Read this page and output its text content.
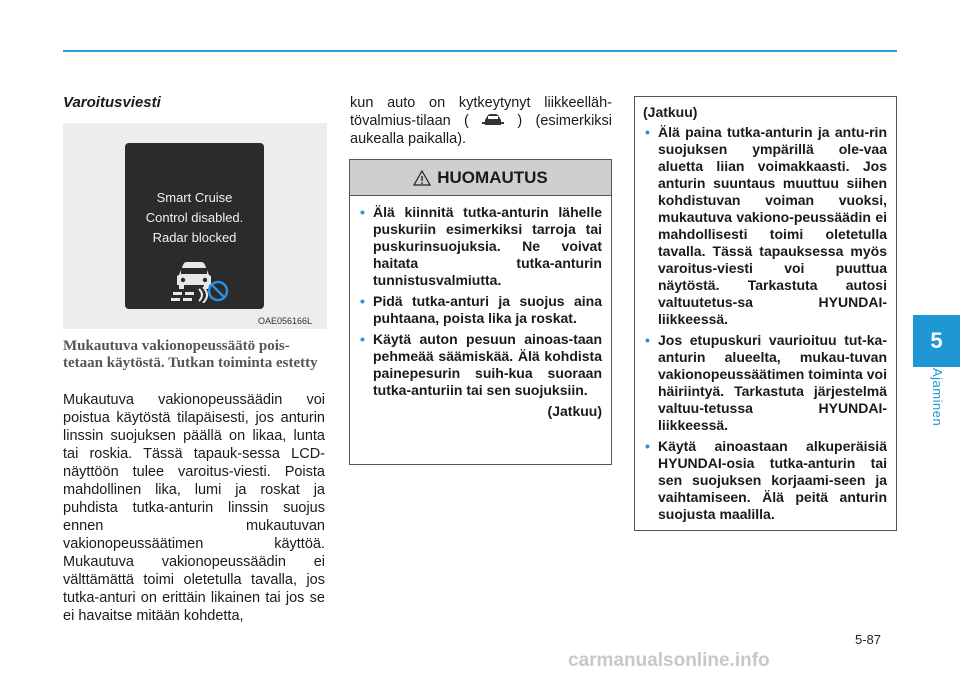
5
Ajaminen
Varoitusviesti
Smart Cruise
Control disabled.
Radar blocked
OAE056166L
Mukautuva vakionopeussäätö pois-tetaan käytöstä. Tutkan toiminta estetty
Mukautuva vakionopeussäädin voi poistua käytöstä tilapäisesti, jos anturin linssin suojuksen päällä on likaa, lunta tai roskia. Tässä tapauk-sessa LCD-näyttöön tulee varoitus-viesti. Poista mahdollinen lika, lumi ja roskat ja puhdista tutka-anturin linssin suojus ennen mukautuvan vakionopeussäätimen käyttöä. Mukautuva vakionopeussäädin ei välttämättä toimi oletetulla tavalla, jos tutka-anturi on erittäin likainen tai jos se ei havaitse mitään kohdetta,
kun auto on kytkeytynyt liikkeelläh-tövalmius-tilaan (	) (esimerkiksi aukealla paikalla).
HUOMAUTUS
• Älä kiinnitä tutka-anturin lähelle puskuriin esimerkiksi tarroja tai puskurinsuojuksia. Ne voivat haitata tutka-anturin tunnistusvalmiutta.
• Pidä tutka-anturi ja suojus aina puhtaana, poista lika ja roskat.
• Käytä auton pesuun ainoas-taan pehmeää säämiskää. Älä kohdista painepesurin suih-kua suoraan tutka-anturiin tai sen suojuksiin.
(Jatkuu)
(Jatkuu)
• Älä paina tutka-anturin ja antu-rin suojuksen ympärillä ole-vaa aluetta liian voimakkaasti. Jos anturin suuntaus muuttuu siihen kohdistuvan voiman vuoksi, mukautuva vakiono-peussäädin ei mahdollisesti toimi oletetulla tavalla. Tässä tapauksessa myös varoitus-viesti voi puuttua näytöstä. Tarkastuta autosi valtuutetus-sa HYUNDAI-liikkeessä.
• Jos etupuskuri vaurioituu tut-ka-anturin alueelta, mukau-tuvan vakionopeussäätimen toiminta voi häiriintyä. Tarkastuta järjestelmä valtuu-tetussa HYUNDAI-liikkeessä.
• Käytä ainoastaan alkuperäisiä HYUNDAI-osia tutka-anturin tai sen suojuksen korjaami-seen ja vaihtamiseen. Älä peitä anturin suojusta maalilla.
5-87
carmanualsonline.info
